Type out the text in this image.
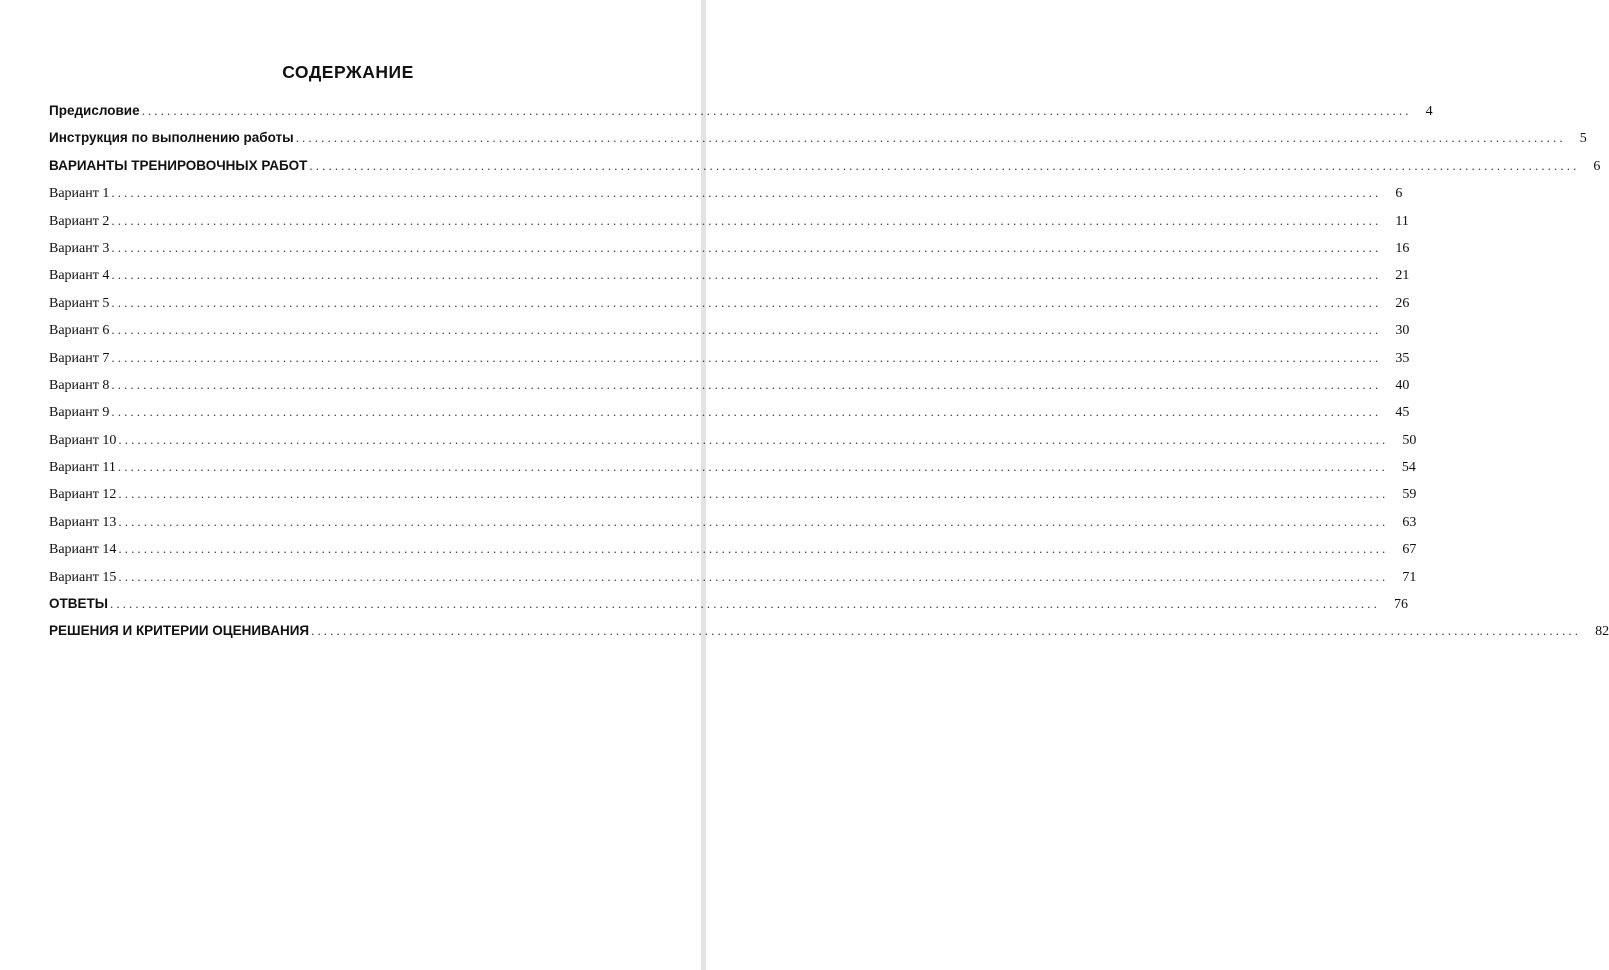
СОДЕРЖАНИЕ
Предисловие ........................................................................................................................................................................................................ 4
Инструкция по выполнению работы ........................................................................................................................................................................................................ 5
ВАРИАНТЫ ТРЕНИРОВОЧНЫХ РАБОТ ........................................................................................................................................................................................................ 6
Вариант 1 ........................................................................................................................................................................................................ 6
Вариант 2 ........................................................................................................................................................................................................ 11
Вариант 3 ........................................................................................................................................................................................................ 16
Вариант 4 ........................................................................................................................................................................................................ 21
Вариант 5 ........................................................................................................................................................................................................ 26
Вариант 6 ........................................................................................................................................................................................................ 30
Вариант 7 ........................................................................................................................................................................................................ 35
Вариант 8 ........................................................................................................................................................................................................ 40
Вариант 9 ........................................................................................................................................................................................................ 45
Вариант 10 ........................................................................................................................................................................................................ 50
Вариант 11 ........................................................................................................................................................................................................ 54
Вариант 12 ........................................................................................................................................................................................................ 59
Вариант 13 ........................................................................................................................................................................................................ 63
Вариант 14 ........................................................................................................................................................................................................ 67
Вариант 15 ........................................................................................................................................................................................................ 71
ОТВЕТЫ ........................................................................................................................................................................................................ 76
РЕШЕНИЯ И КРИТЕРИИ ОЦЕНИВАНИЯ ........................................................................................................................................................................................................ 82
